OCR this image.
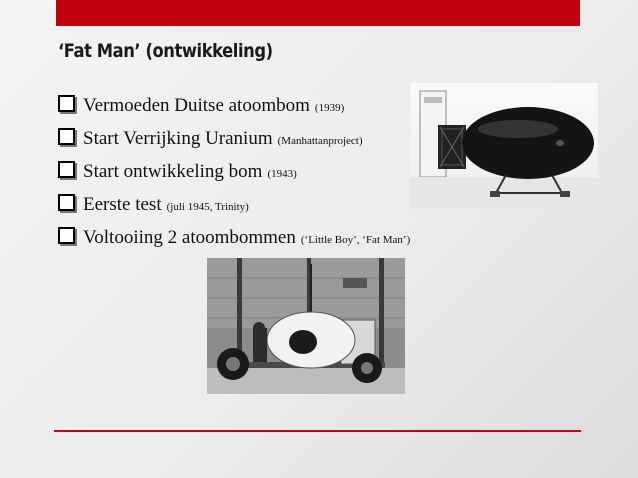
‘Fat Man’ (ontwikkeling)
Vermoeden Duitse atoombom (1939)
Start Verrijking Uranium (Manhattanproject)
Start ontwikkeling bom (1943)
Eerste test (juli 1945, Trinity)
Voltooiing 2 atoombommen (‘Little Boy’, ‘Fat Man’)
